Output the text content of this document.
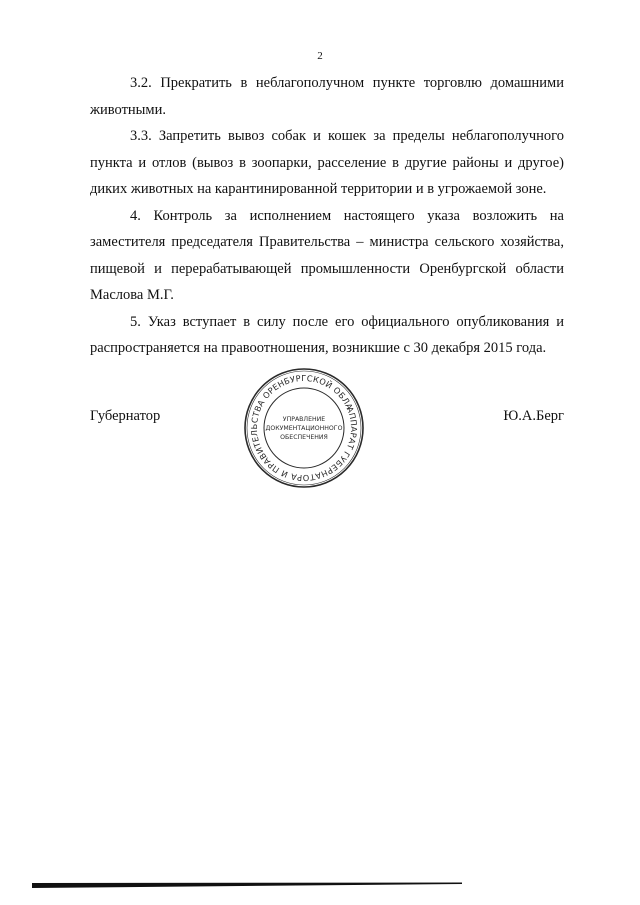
2

3.2. Прекратить в неблагополучном пункте торговлю домашними животными.

3.3. Запретить вывоз собак и кошек за пределы неблагополучного пункта и отлов (вывоз в зоопарки, расселение в другие районы и другое) диких животных на карантинированной территории и в угрожаемой зоне.

4. Контроль за исполнением настоящего указа возложить на заместителя председателя Правительства – министра сельского хозяйства, пищевой и перерабатывающей промышленности Оренбургской области Маслова М.Г.

5. Указ вступает в силу после его официального опубликования и распространяется на правоотношения, возникшие с 30 декабря 2015 года.

Губернатор	Ю.А.Берг
АППАРАТ ГУБЕРНАТОРА И ПРАВИТЕЛЬСТВА ОРЕНБУРГСКОЙ ОБЛАСТИ
УПРАВЛЕНИЕ
ДОКУМЕНТАЦИОННОГО
ОБЕСПЕЧЕНИЯ
